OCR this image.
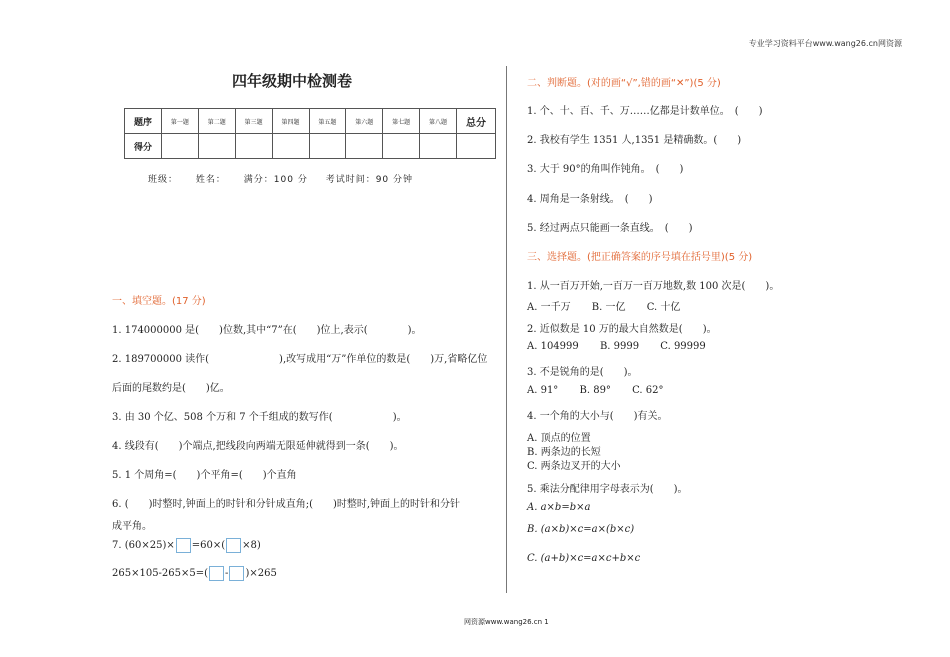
专业学习资料平台www.wang26.cn网资源
四年级期中检测卷
题序	第一题	第二题	第三题	第四题	第五题	第六题	第七题	第八题	总分
得分									
班级： 姓名： 满分：100 分 考试时间：90 分钟
一、填空题。(17 分)
1. 174000000 是(　　)位数,其中“7”在(　　)位上,表示(　　　　)。
2. 189700000 读作(　　　　　　　),改写成用“万”作单位的数是(　　)万,省略亿位
后面的尾数约是(　　)亿。
3. 由 30 个亿、508 个万和 7 个千组成的数写作(　　　　　　)。
4. 线段有(　　)个端点,把线段向两端无限延伸就得到一条(　　)。
5. 1 个周角=(　　)个平角=(　　)个直角
6. (　　)时整时,钟面上的时针和分针成直角;(　　)时整时,钟面上的时针和分针
成平角。
7. (60×25)× =60×( ×8)
265×105-265×5=( - )×265
二、判断题。(对的画“√”,错的画“✕”)(5 分)
1. 个、十、百、千、万……亿都是计数单位。　(　　)
2. 我校有学生 1351 人,1351 是精确数。(　　)
3. 大于 90°的角叫作钝角。　(　　)
4. 周角是一条射线。　(　　)
5. 经过两点只能画一条直线。　(　　)
三、选择题。(把正确答案的序号填在括号里)(5 分)
1. 从一百万开始,一百万一百万地数,数 100 次是(　　)。
A. 一千万 B. 一亿 C. 十亿
2. 近似数是 10 万的最大自然数是(　　)。
A. 104999 B. 9999 C. 99999
3. 不是锐角的是(　　)。
A. 91° B. 89° C. 62°
4. 一个角的大小与(　　)有关。
A. 顶点的位置
B. 两条边的长短
C. 两条边叉开的大小
5. 乘法分配律用字母表示为(　　)。
A. a×b=b×a
B. (a×b)×c=a×(b×c)
C. (a+b)×c=a×c+b×c
网资源www.wang26.cn 1
